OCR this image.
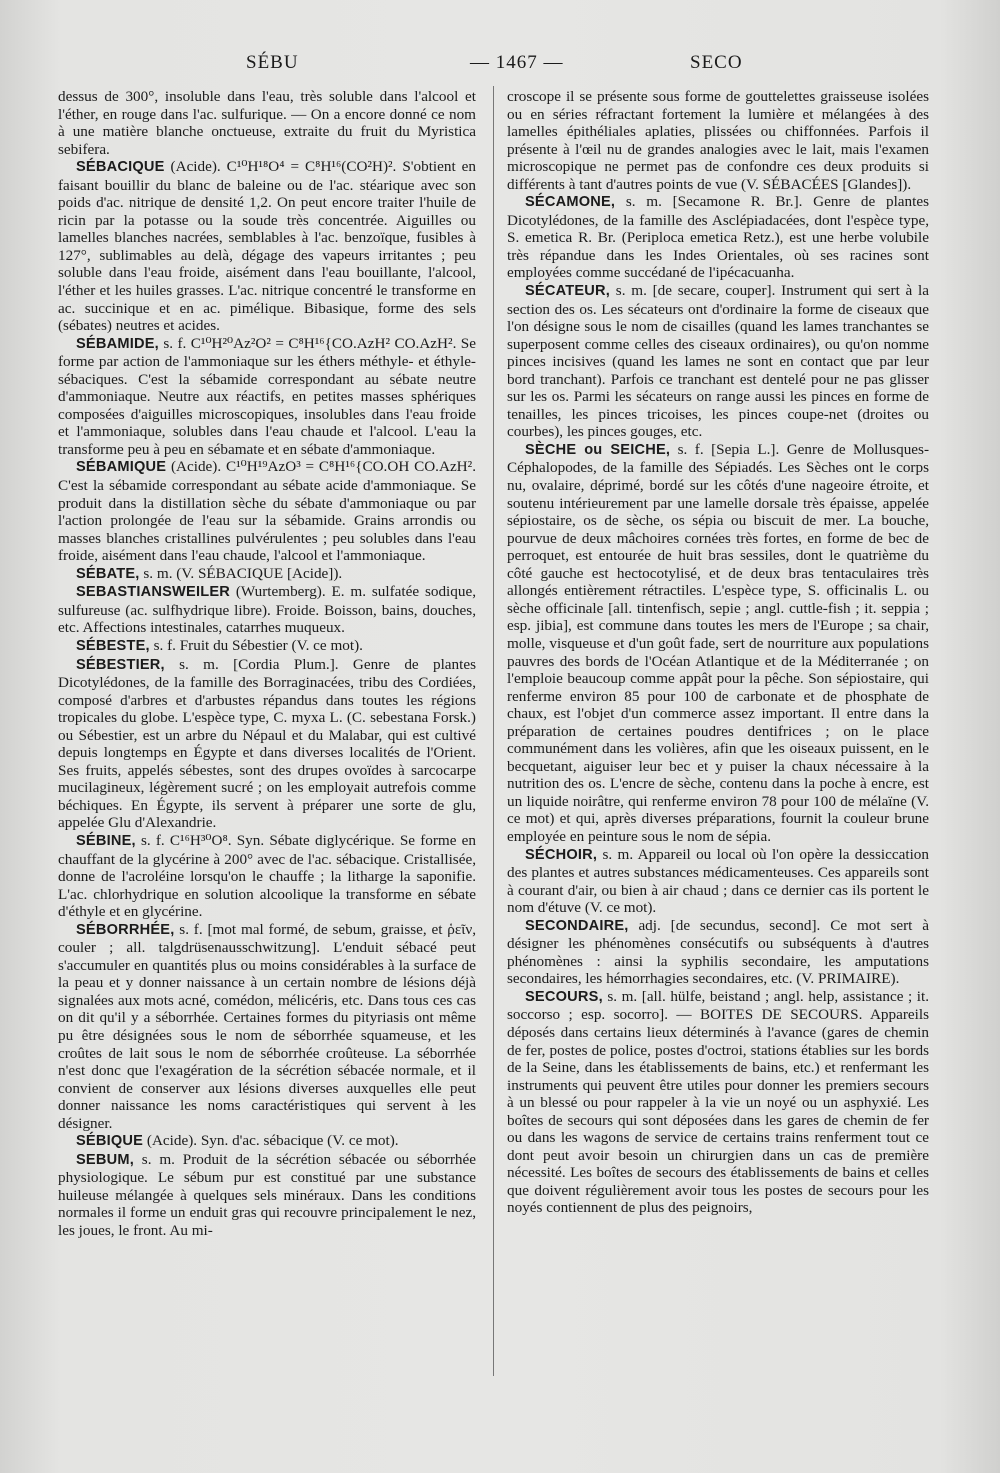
SÉBU	— 1467 —	SECO

dessus de 300°, insoluble dans l'eau, très soluble dans l'alcool et l'éther, en rouge dans l'ac. sulfurique. — On a encore donné ce nom à une matière blanche onctueuse, extraite du fruit du Myristica sebifera.

SÉBACIQUE (Acide). C¹⁰H¹⁸O⁴ = C⁸H¹⁶(CO²H)². S'obtient en faisant bouillir du blanc de baleine ou de l'ac. stéarique avec son poids d'ac. nitrique de densité 1,2. On peut encore traiter l'huile de ricin par la potasse ou la soude très concentrée. Aiguilles ou lamelles blanches nacrées, semblables à l'ac. benzoïque, fusibles à 127°, sublimables au delà, dégage des vapeurs irritantes ; peu soluble dans l'eau froide, aisément dans l'eau bouillante, l'alcool, l'éther et les huiles grasses. L'ac. nitrique concentré le transforme en ac. succinique et en ac. pimélique. Bibasique, forme des sels (sébates) neutres et acides.

SÉBAMIDE, s. f. C¹⁰H²⁰Az²O² = C⁸H¹⁶{CO.AzH² CO.AzH². Se forme par action de l'ammoniaque sur les éthers méthyle- et éthyle-sébaciques. C'est la sébamide correspondant au sébate neutre d'ammoniaque. Neutre aux réactifs, en petites masses sphériques composées d'aiguilles microscopiques, insolubles dans l'eau froide et l'ammoniaque, solubles dans l'eau chaude et l'alcool. L'eau la transforme peu à peu en sébamate et en sébate d'ammoniaque.

SÉBAMIQUE (Acide). C¹⁰H¹⁹AzO³ = C⁸H¹⁶{CO.OH CO.AzH². C'est la sébamide correspondant au sébate acide d'ammoniaque. Se produit dans la distillation sèche du sébate d'ammoniaque ou par l'action prolongée de l'eau sur la sébamide. Grains arrondis ou masses blanches cristallines pulvérulentes ; peu solubles dans l'eau froide, aisément dans l'eau chaude, l'alcool et l'ammoniaque.

SÉBATE, s. m. (V. SÉBACIQUE [Acide]).

SEBASTIANSWEILER (Wurtemberg). E. m. sulfatée sodique, sulfureuse (ac. sulfhydrique libre). Froide. Boisson, bains, douches, etc. Affections intestinales, catarrhes muqueux.

SÉBESTE, s. f. Fruit du Sébestier (V. ce mot).

SÉBESTIER, s. m. [Cordia Plum.]. Genre de plantes Dicotylédones, de la famille des Borraginacées, tribu des Cordiées, composé d'arbres et d'arbustes répandus dans toutes les régions tropicales du globe. L'espèce type, C. myxa L. (C. sebestana Forsk.) ou Sébestier, est un arbre du Népaul et du Malabar, qui est cultivé depuis longtemps en Égypte et dans diverses localités de l'Orient. Ses fruits, appelés sébestes, sont des drupes ovoïdes à sarcocarpe mucilagineux, légèrement sucré ; on les employait autrefois comme béchiques. En Égypte, ils servent à préparer une sorte de glu, appelée Glu d'Alexandrie.

SÉBINE, s. f. C¹⁶H³⁰O⁸. Syn. Sébate diglycérique. Se forme en chauffant de la glycérine à 200° avec de l'ac. sébacique. Cristallisée, donne de l'acroléine lorsqu'on le chauffe ; la litharge la saponifie. L'ac. chlorhydrique en solution alcoolique la transforme en sébate d'éthyle et en glycérine.

SÉBORRHÉE, s. f. [mot mal formé, de sebum, graisse, et ῥεῖν, couler ; all. talgdrüsenausschwitzung]. L'enduit sébacé peut s'accumuler en quantités plus ou moins considérables à la surface de la peau et y donner naissance à un certain nombre de lésions déjà signalées aux mots acné, comédon, mélicéris, etc. Dans tous ces cas on dit qu'il y a séborrhée. Certaines formes du pityriasis ont même pu être désignées sous le nom de séborrhée squameuse, et les croûtes de lait sous le nom de séborrhée croûteuse. La séborrhée n'est donc que l'exagération de la sécrétion sébacée normale, et il convient de conserver aux lésions diverses auxquelles elle peut donner naissance les noms caractéristiques qui servent à les désigner.

SÉBIQUE (Acide). Syn. d'ac. sébacique (V. ce mot).

SEBUM, s. m. Produit de la sécrétion sébacée ou séborrhée physiologique. Le sébum pur est constitué par une substance huileuse mélangée à quelques sels minéraux. Dans les conditions normales il forme un enduit gras qui recouvre principalement le nez, les joues, le front. Au mi-

croscope il se présente sous forme de gouttelettes graisseuse isolées ou en séries réfractant fortement la lumière et mélangées à des lamelles épithéliales aplaties, plissées ou chiffonnées. Parfois il présente à l'œil nu de grandes analogies avec le lait, mais l'examen microscopique ne permet pas de confondre ces deux produits si différents à tant d'autres points de vue (V. SÉBACÉES [Glandes]).

SÉCAMONE, s. m. [Secamone R. Br.]. Genre de plantes Dicotylédones, de la famille des Asclépiadacées, dont l'espèce type, S. emetica R. Br. (Periploca emetica Retz.), est une herbe volubile très répandue dans les Indes Orientales, où ses racines sont employées comme succédané de l'ipécacuanha.

SÉCATEUR, s. m. [de secare, couper]. Instrument qui sert à la section des os. Les sécateurs ont d'ordinaire la forme de ciseaux que l'on désigne sous le nom de cisailles (quand les lames tranchantes se superposent comme celles des ciseaux ordinaires), ou qu'on nomme pinces incisives (quand les lames ne sont en contact que par leur bord tranchant). Parfois ce tranchant est dentelé pour ne pas glisser sur les os. Parmi les sécateurs on range aussi les pinces en forme de tenailles, les pinces tricoises, les pinces coupe-net (droites ou courbes), les pinces gouges, etc.

SÈCHE ou SEICHE, s. f. [Sepia L.]. Genre de Mollusques-Céphalopodes, de la famille des Sépiadés. Les Sèches ont le corps nu, ovalaire, déprimé, bordé sur les côtés d'une nageoire étroite, et soutenu intérieurement par une lamelle dorsale très épaisse, appelée sépiostaire, os de sèche, os sépia ou biscuit de mer. La bouche, pourvue de deux mâchoires cornées très fortes, en forme de bec de perroquet, est entourée de huit bras sessiles, dont le quatrième du côté gauche est hectocotylisé, et de deux bras tentaculaires très allongés entièrement rétractiles. L'espèce type, S. officinalis L. ou sèche officinale [all. tintenfisch, sepie ; angl. cuttle-fish ; it. seppia ; esp. jibia], est commune dans toutes les mers de l'Europe ; sa chair, molle, visqueuse et d'un goût fade, sert de nourriture aux populations pauvres des bords de l'Océan Atlantique et de la Méditerranée ; on l'emploie beaucoup comme appât pour la pêche. Son sépiostaire, qui renferme environ 85 pour 100 de carbonate et de phosphate de chaux, est l'objet d'un commerce assez important. Il entre dans la préparation de certaines poudres dentifrices ; on le place communément dans les volières, afin que les oiseaux puissent, en le becquetant, aiguiser leur bec et y puiser la chaux nécessaire à la nutrition des os. L'encre de sèche, contenu dans la poche à encre, est un liquide noirâtre, qui renferme environ 78 pour 100 de mélaïne (V. ce mot) et qui, après diverses préparations, fournit la couleur brune employée en peinture sous le nom de sépia.

SÉCHOIR, s. m. Appareil ou local où l'on opère la dessiccation des plantes et autres substances médicamenteuses. Ces appareils sont à courant d'air, ou bien à air chaud ; dans ce dernier cas ils portent le nom d'étuve (V. ce mot).

SECONDAIRE, adj. [de secundus, second]. Ce mot sert à désigner les phénomènes consécutifs ou subséquents à d'autres phénomènes : ainsi la syphilis secondaire, les amputations secondaires, les hémorrhagies secondaires, etc. (V. PRIMAIRE).

SECOURS, s. m. [all. hülfe, beistand ; angl. help, assistance ; it. soccorso ; esp. socorro]. — BOITES DE SECOURS. Appareils déposés dans certains lieux déterminés à l'avance (gares de chemin de fer, postes de police, postes d'octroi, stations établies sur les bords de la Seine, dans les établissements de bains, etc.) et renfermant les instruments qui peuvent être utiles pour donner les premiers secours à un blessé ou pour rappeler à la vie un noyé ou un asphyxié. Les boîtes de secours qui sont déposées dans les gares de chemin de fer ou dans les wagons de service de certains trains renferment tout ce dont peut avoir besoin un chirurgien dans un cas de première nécessité. Les boîtes de secours des établissements de bains et celles que doivent régulièrement avoir tous les postes de secours pour les noyés contiennent de plus des peignoirs,
